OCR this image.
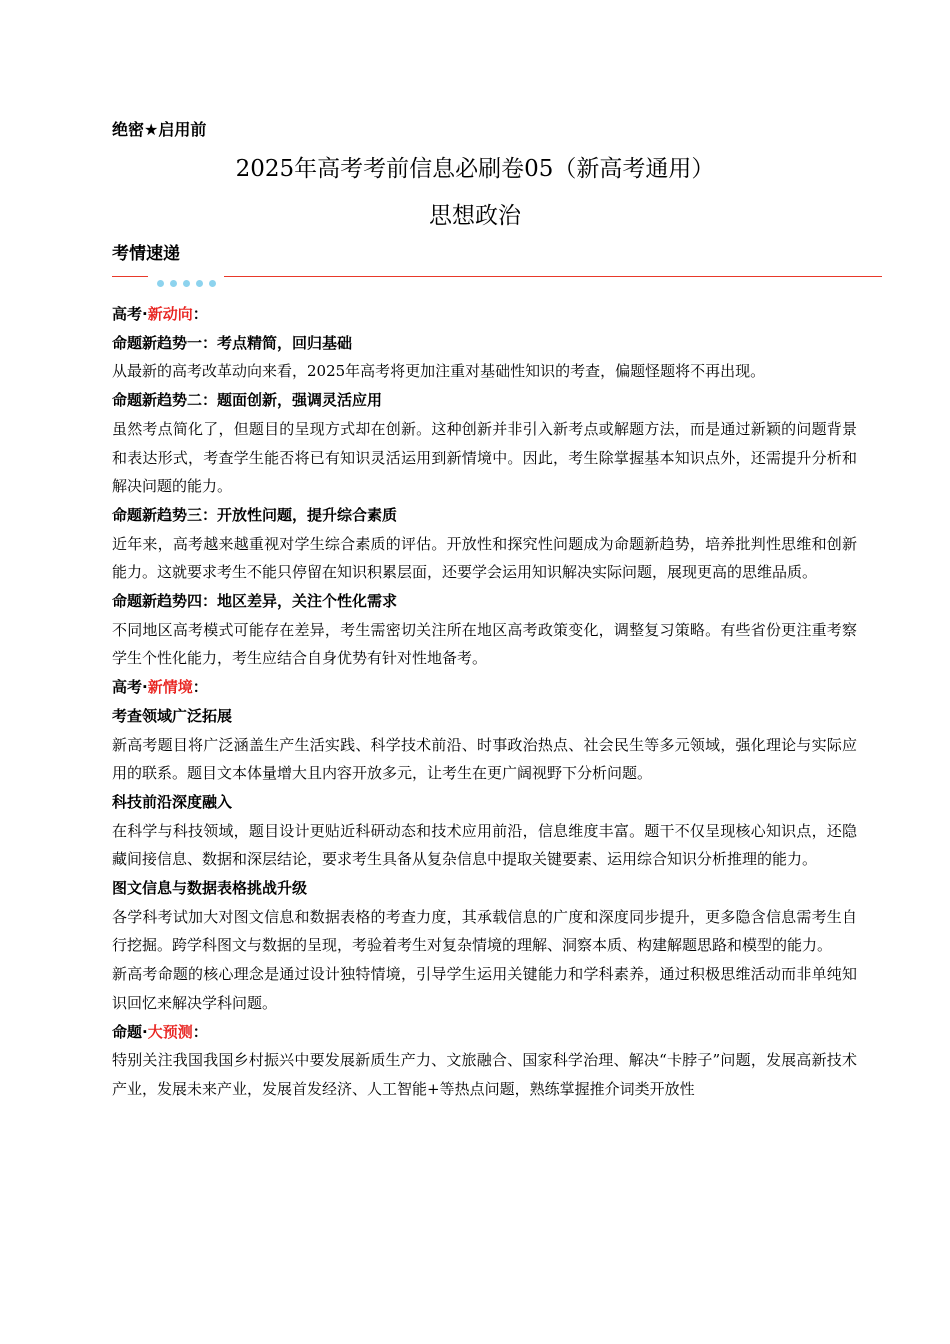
绝密★启用前
2025年高考考前信息必刷卷05（新高考通用）
思想政治
考情速递

高考·新动向：

命题新趋势一：考点精简，回归基础

从最新的高考改革动向来看，2025年高考将更加注重对基础性知识的考查，偏题怪题将不再出现。

命题新趋势二：题面创新，强调灵活应用

虽然考点简化了，但题目的呈现方式却在创新。这种创新并非引入新考点或解题方法，而是通过新颖的问题背景和表达形式，考查学生能否将已有知识灵活运用到新情境中。因此，考生除掌握基本知识点外，还需提升分析和解决问题的能力。

命题新趋势三：开放性问题，提升综合素质

近年来，高考越来越重视对学生综合素质的评估。开放性和探究性问题成为命题新趋势，培养批判性思维和创新能力。这就要求考生不能只停留在知识积累层面，还要学会运用知识解决实际问题，展现更高的思维品质。

命题新趋势四：地区差异，关注个性化需求

不同地区高考模式可能存在差异，考生需密切关注所在地区高考政策变化，调整复习策略。有些省份更注重考察学生个性化能力，考生应结合自身优势有针对性地备考。

高考·新情境：

考查领域广泛拓展

新高考题目将广泛涵盖生产生活实践、科学技术前沿、时事政治热点、社会民生等多元领域，强化理论与实际应用的联系。题目文本体量增大且内容开放多元，让考生在更广阔视野下分析问题。

科技前沿深度融入

在科学与科技领域，题目设计更贴近科研动态和技术应用前沿，信息维度丰富。题干不仅呈现核心知识点，还隐藏间接信息、数据和深层结论，要求考生具备从复杂信息中提取关键要素、运用综合知识分析推理的能力。

图文信息与数据表格挑战升级

各学科考试加大对图文信息和数据表格的考查力度，其承载信息的广度和深度同步提升，更多隐含信息需考生自行挖掘。跨学科图文与数据的呈现，考验着考生对复杂情境的理解、洞察本质、构建解题思路和模型的能力。

新高考命题的核心理念是通过设计独特情境，引导学生运用关键能力和学科素养，通过积极思维活动而非单纯知识回忆来解决学科问题。

命题·大预测：

特别关注我国我国乡村振兴中要发展新质生产力、文旅融合、国家科学治理、解决“卡脖子”问题，发展高新技术产业，发展未来产业，发展首发经济、人工智能+等热点问题，熟练掌握推介词类开放性
